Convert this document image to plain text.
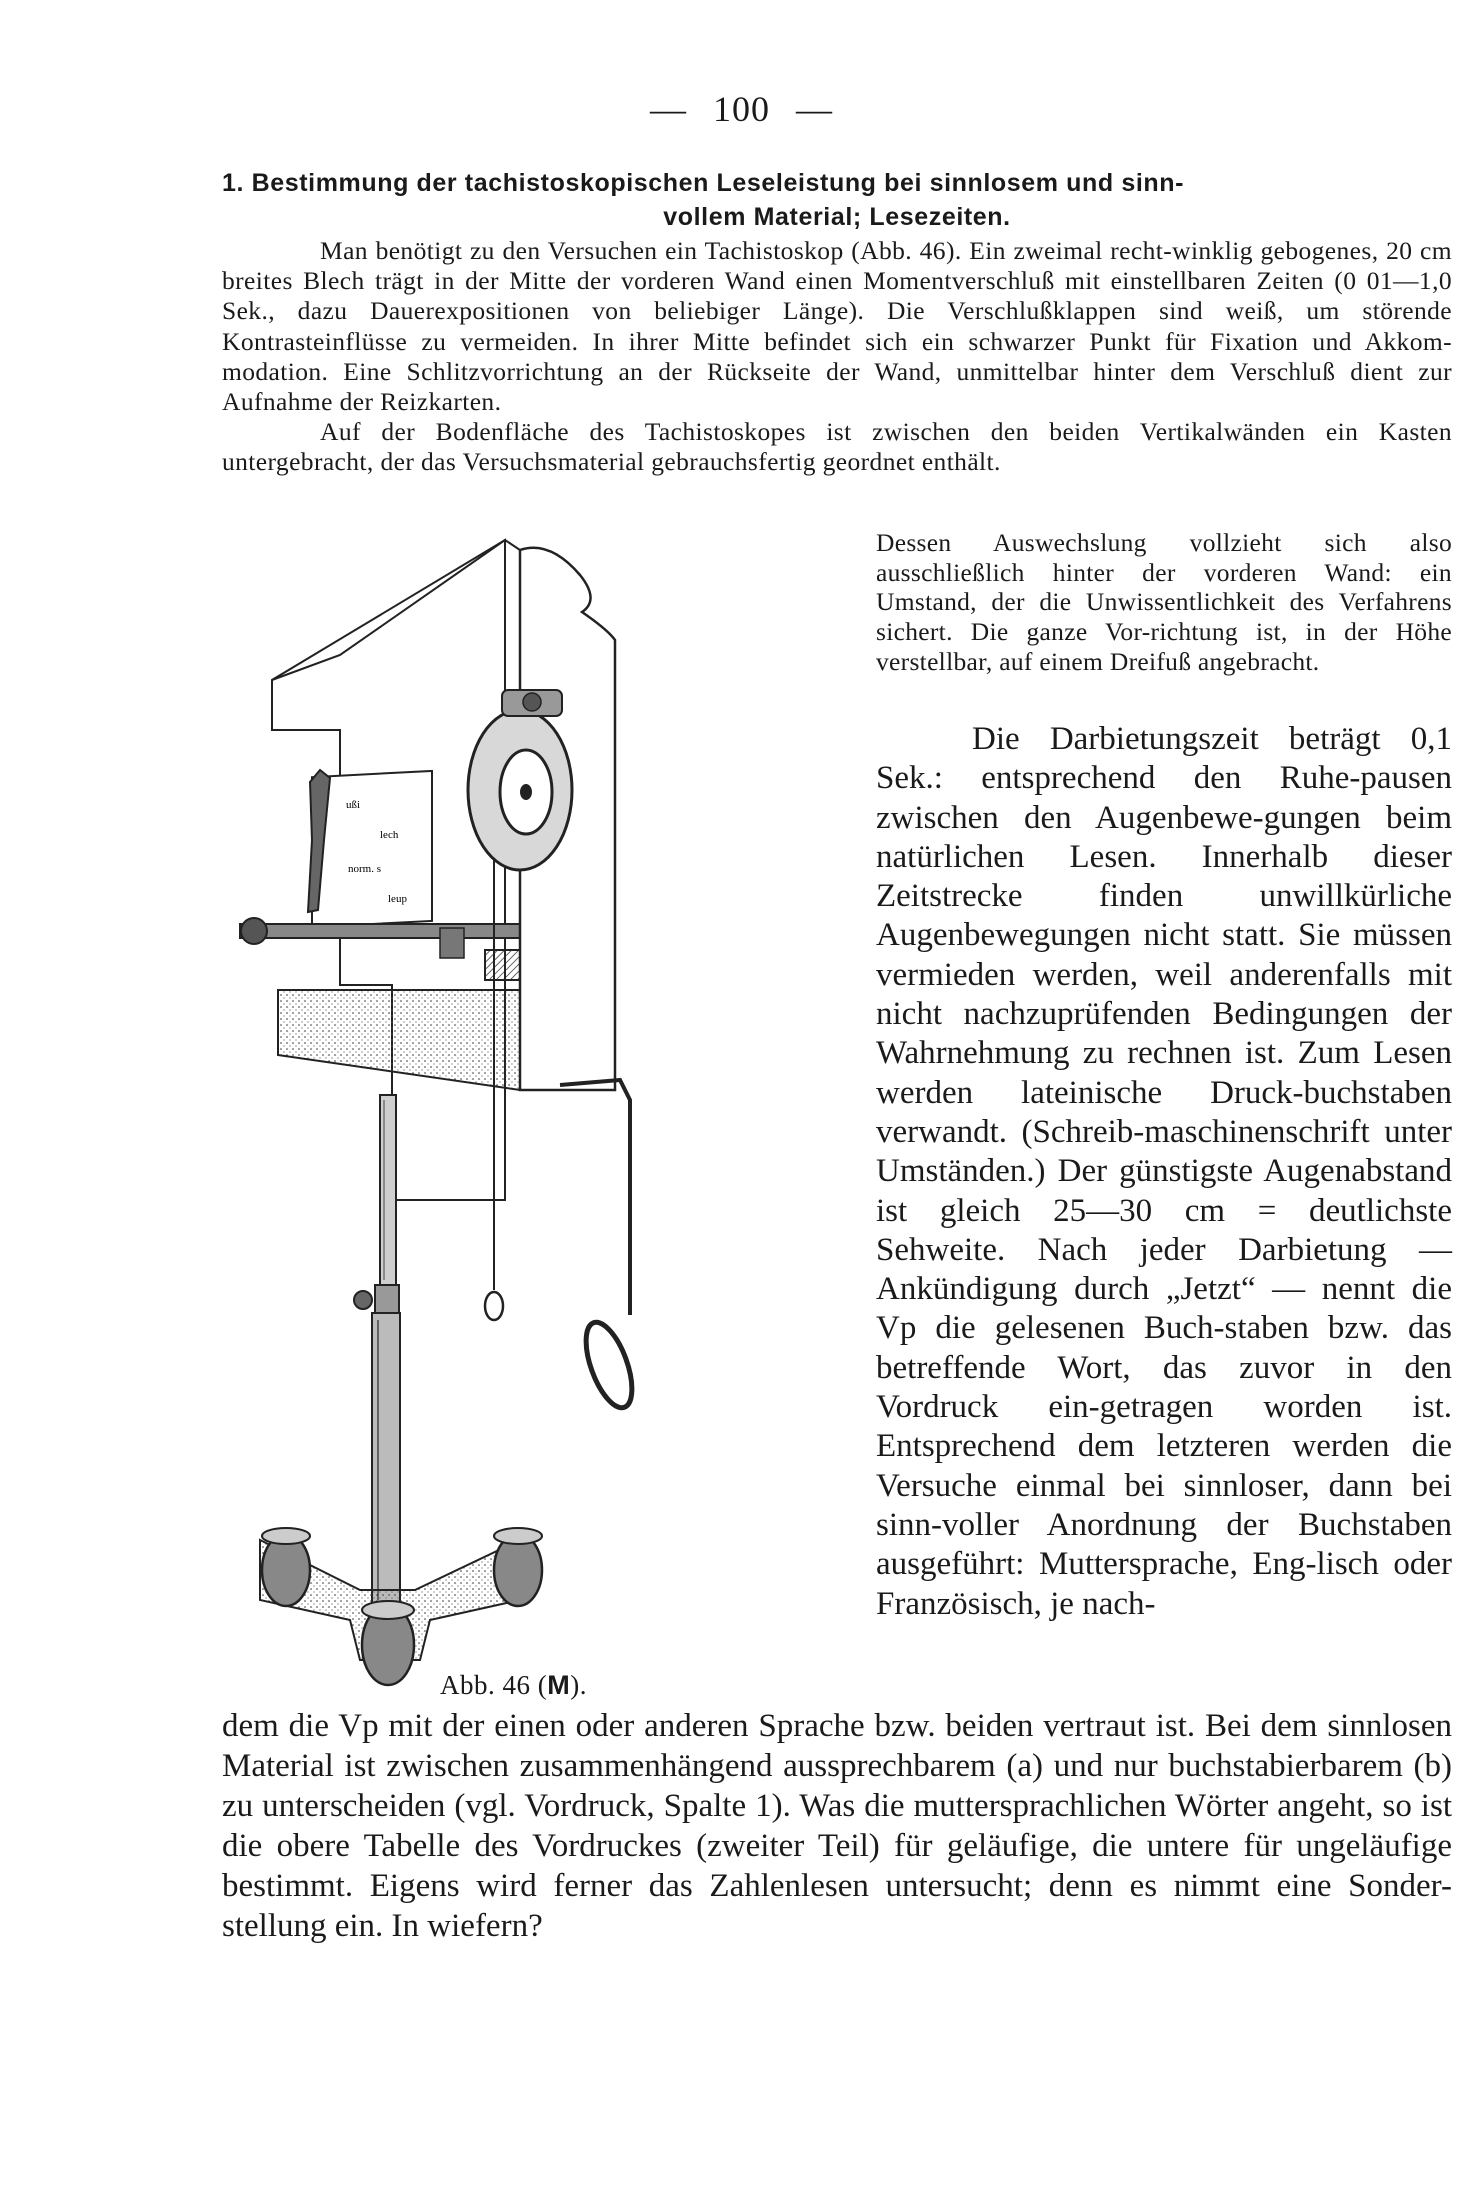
— 100 —
1. Bestimmung der tachistoskopischen Leseleistung bei sinnlosem und sinn-
vollem Material; Lesezeiten.

Man benötigt zu den Versuchen ein Tachistoskop (Abb. 46). Ein zweimal recht-winklig gebogenes, 20 cm breites Blech trägt in der Mitte der vorderen Wand einen Momentverschluß mit einstellbaren Zeiten (0 01—1,0 Sek., dazu Dauerexpositionen von beliebiger Länge). Die Verschlußklappen sind weiß, um störende Kontrasteinflüsse zu vermeiden. In ihrer Mitte befindet sich ein schwarzer Punkt für Fixation und Akkom-modation. Eine Schlitzvorrichtung an der Rückseite der Wand, unmittelbar hinter dem Verschluß dient zur Aufnahme der Reizkarten.

Auf der Bodenfläche des Tachistoskopes ist zwischen den beiden Vertikalwänden ein Kasten untergebracht, der das Versuchsmaterial gebrauchsfertig geordnet enthält.

Dessen Auswechslung vollzieht sich also ausschließlich hinter der vorderen Wand: ein Umstand, der die Unwissentlichkeit des Verfahrens sichert. Die ganze Vor-richtung ist, in der Höhe verstellbar, auf einem Dreifuß angebracht.

Die Darbietungszeit beträgt 0,1 Sek.: entsprechend den Ruhe-pausen zwischen den Augenbewe-gungen beim natürlichen Lesen. Innerhalb dieser Zeitstrecke finden unwillkürliche Augenbewegungen nicht statt. Sie müssen vermieden werden, weil anderenfalls mit nicht nachzuprüfenden Bedingungen der Wahrnehmung zu rechnen ist. Zum Lesen werden lateinische Druck-buchstaben verwandt. (Schreib-maschinenschrift unter Umständen.) Der günstigste Augenabstand ist gleich 25—30 cm = deutlichste Sehweite. Nach jeder Darbietung — Ankündigung durch „Jetzt“ — nennt die Vp die gelesenen Buch-staben bzw. das betreffende Wort, das zuvor in den Vordruck ein-getragen worden ist. Entsprechend dem letzteren werden die Versuche einmal bei sinnloser, dann bei sinn-voller Anordnung der Buchstaben ausgeführt: Muttersprache, Eng-lisch oder Französisch, je nach-

ußi
lech
norm. s
leup
Abb. 46 (M).

dem die Vp mit der einen oder anderen Sprache bzw. beiden vertraut ist. Bei dem sinnlosen Material ist zwischen zusammenhängend aussprechbarem (a) und nur buchstabierbarem (b) zu unterscheiden (vgl. Vordruck, Spalte 1). Was die muttersprachlichen Wörter angeht, so ist die obere Tabelle des Vordruckes (zweiter Teil) für geläufige, die untere für ungeläufige bestimmt. Eigens wird ferner das Zahlenlesen untersucht; denn es nimmt eine Sonder-stellung ein. In wiefern?
